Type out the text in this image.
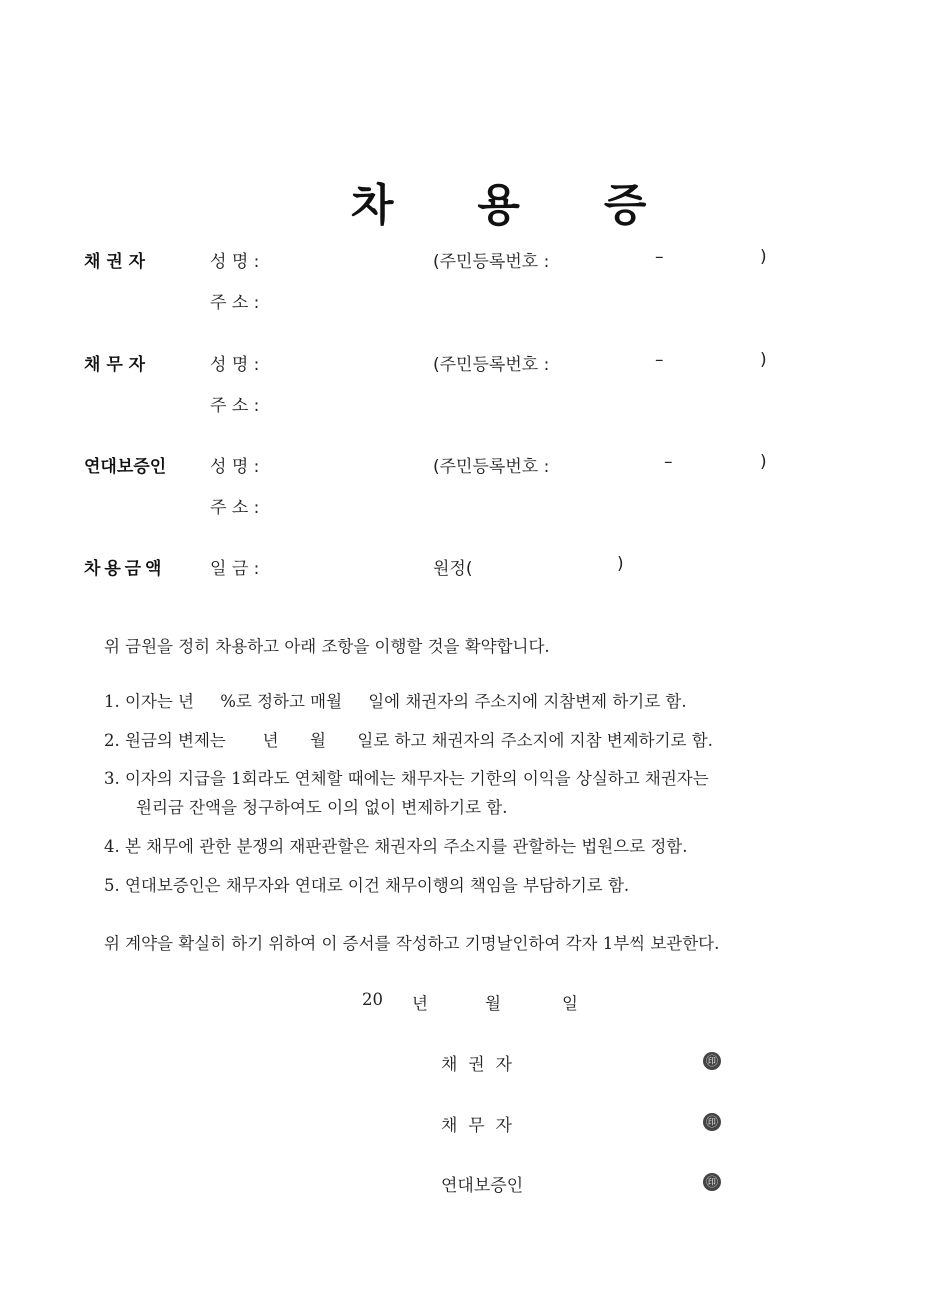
차 용 증

채 권 자	성 명 :	(주민등록번호 :	–	)
주 소 :
채 무 자	성 명 :	(주민등록번호 :	–	)
주 소 :
연대보증인	성 명 :	(주민등록번호 :	–	)
주 소 :
차 용 금 액	일 금 :	원정(	)
위 금원을 정히 차용하고 아래 조항을 이행할 것을 확약합니다.
1. 이자는 년     %로 정하고 매월     일에 채권자의 주소지에 지참변제 하기로 함.
2. 원금의 변제는       년      월      일로 하고 채권자의 주소지에 지참 변제하기로 함.
3. 이자의 지급을 1회라도 연체할 때에는 채무자는 기한의 이익을 상실하고 채권자는
원리금 잔액을 청구하여도 이의 없이 변제하기로 함.
4. 본 채무에 관한 분쟁의 재판관할은 채권자의 주소지를 관할하는 법원으로 정함.
5. 연대보증인은 채무자와 연대로 이건 채무이행의 책임을 부담하기로 함.
위 계약을 확실히 하기 위하여 이 증서를 작성하고 기명날인하여 각자 1부씩 보관한다.
20 년	월	일
채  권  자	㊞
채  무  자	㊞
연대보증인	㊞
